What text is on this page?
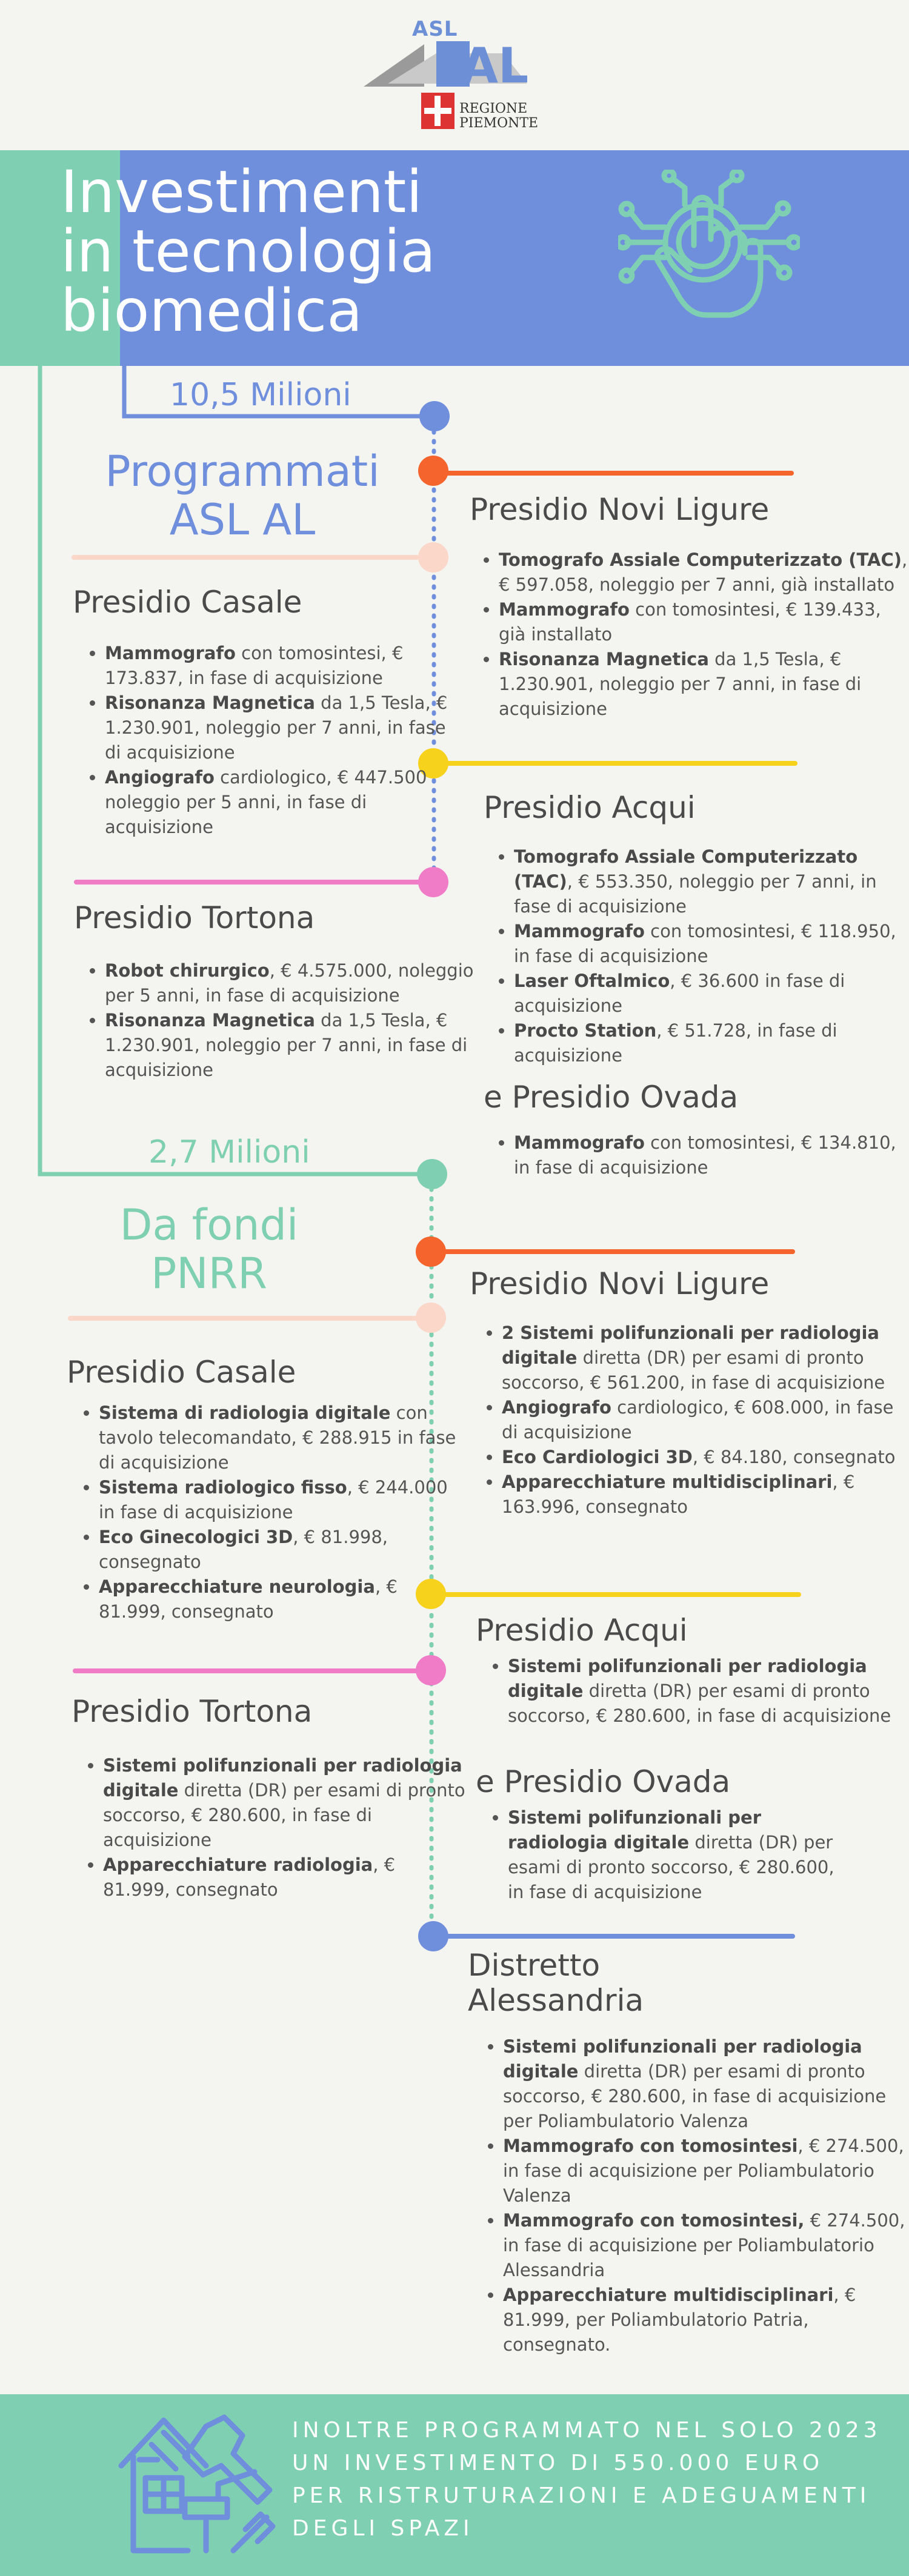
AL
ASL
REGIONE
PIEMONTE
Investimenti
in tecnologia
biomedica
10,5 Milioni
Programmati
ASL AL	Presidio Novi Ligure
• Tomografo Assiale Computerizzato (TAC), € 597.058, noleggio per 7 anni, già installato
• Mammografo con tomosintesi, € 139.433, già installato
• Risonanza Magnetica da 1,5 Tesla, € 1.230.901, noleggio per 7 anni, in fase di acquisizione
Presidio Casale
• Mammografo con tomosintesi, € 173.837, in fase di acquisizione
• Risonanza Magnetica da 1,5 Tesla, € 1.230.901, noleggio per 7 anni, in fase di acquisizione
• Angiografo cardiologico, € 447.500 noleggio per 5 anni, in fase di acquisizione
Presidio Acqui
• Tomografo Assiale Computerizzato (TAC), € 553.350, noleggio per 7 anni, in fase di acquisizione
• Mammografo con tomosintesi, € 118.950, in fase di acquisizione
• Laser Oftalmico, € 36.600 in fase di acquisizione
• Procto Station, € 51.728, in fase di acquisizione
Presidio Tortona
• Robot chirurgico, € 4.575.000, noleggio per 5 anni, in fase di acquisizione
• Risonanza Magnetica da 1,5 Tesla, € 1.230.901, noleggio per 7 anni, in fase di acquisizione
e Presidio Ovada
• Mammografo con tomosintesi, € 134.810, in fase di acquisizione
2,7 Milioni
Da fondi
PNRR	Presidio Novi Ligure
• 2 Sistemi polifunzionali per radiologia digitale diretta (DR) per esami di pronto soccorso, € 561.200, in fase di acquisizione
• Angiografo cardiologico, € 608.000, in fase di acquisizione
• Eco Cardiologici 3D, € 84.180, consegnato
• Apparecchiature multidisciplinari, € 163.996, consegnato
Presidio Casale
• Sistema di radiologia digitale con tavolo telecomandato, € 288.915 in fase di acquisizione
• Sistema radiologico fisso, € 244.000 in fase di acquisizione
• Eco Ginecologici 3D, € 81.998, consegnato
• Apparecchiature neurologia, € 81.999, consegnato
Presidio Acqui
• Sistemi polifunzionali per radiologia digitale diretta (DR) per esami di pronto soccorso, € 280.600, in fase di acquisizione
Presidio Tortona
• Sistemi polifunzionali per radiologia digitale diretta (DR) per esami di pronto soccorso, € 280.600, in fase di acquisizione
• Apparecchiature radiologia, € 81.999, consegnato
e Presidio Ovada
• Sistemi polifunzionali per radiologia digitale diretta (DR) per esami di pronto soccorso, € 280.600, in fase di acquisizione
Distretto
Alessandria
• Sistemi polifunzionali per radiologia digitale diretta (DR) per esami di pronto soccorso, € 280.600, in fase di acquisizione per Poliambulatorio Valenza
• Mammografo con tomosintesi, € 274.500, in fase di acquisizione per Poliambulatorio Valenza
• Mammografo con tomosintesi, € 274.500, in fase di acquisizione per Poliambulatorio Alessandria
• Apparecchiature multidisciplinari, € 81.999, per Poliambulatorio Patria, consegnato.
INOLTRE PROGRAMMATO NEL SOLO 2023 UN INVESTIMENTO DI 550.000 EURO PER RISTRUTURAZIONI E ADEGUAMENTI DEGLI SPAZI
